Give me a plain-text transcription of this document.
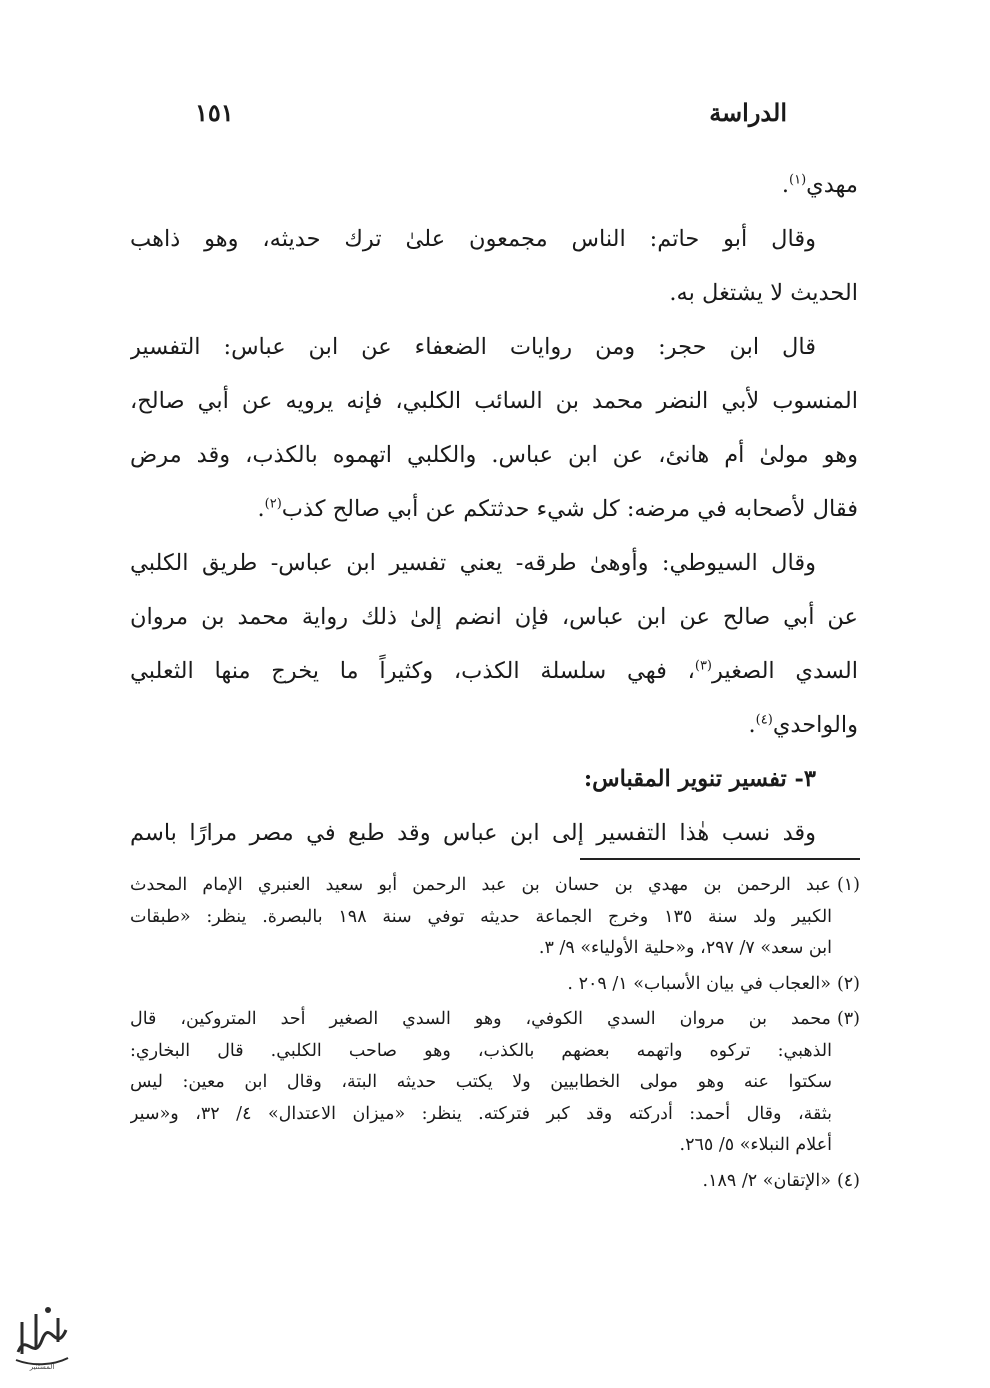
الدراسة
١٥١
مهدي$^{(١)}$.
وقال أبو حاتم: الناس مجمعون علىٰ ترك حديثه، وهو ذاهب
الحديث لا يشتغل به.
قال ابن حجر: ومن روايات الضعفاء عن ابن عباس: التفسير
المنسوب لأبي النضر محمد بن السائب الكلبي، فإنه يرويه عن أبي صالح،
وهو مولىٰ أم هانئ، عن ابن عباس. والكلبي اتهموه بالكذب، وقد مرض
فقال لأصحابه في مرضه: كل شيء حدثتكم عن أبي صالح كذب$^{(٢)}$.
وقال السيوطي: وأوهىٰ طرقه- يعني تفسير ابن عباس- طريق الكلبي
عن أبي صالح عن ابن عباس، فإن انضم إلىٰ ذلك رواية محمد بن مروان
السدي الصغير$^{(٣)}$، فهي سلسلة الكذب، وكثيراً ما يخرج منها الثعلبي
والواحدي$^{(٤)}$.
٣- تفسير تنوير المقباس:
وقد نسب هٰذا التفسير إلى ابن عباس وقد طبع في مصر مرارًا باسم
(١)عبد الرحمن بن مهدي بن حسان بن عبد الرحمن أبو سعيد العنبري الإمام المحدث
الكبير ولد سنة ١٣٥ وخرج الجماعة حديثه توفي سنة ١٩٨ بالبصرة. ينظر: «طبقات
ابن سعد» ٧/ ٢٩٧، و«حلية الأولياء» ٩/ ٣.
(٢)«العجاب في بيان الأسباب» ١/ ٢٠٩ .
(٣)محمد بن مروان السدي الكوفي، وهو السدي الصغير أحد المتروكين، قال
الذهبي: تركوه واتهمه بعضهم بالكذب، وهو صاحب الكلبي. قال البخاري:
سكتوا عنه وهو مولى الخطابيين ولا يكتب حديثه البتة، وقال ابن معين: ليس
بثقة، وقال أحمد: أدركته وقد كبر فتركته. ينظر: «ميزان الاعتدال» ٤/ ٣٢، و«سير
أعلام النبلاء» ٥/ ٢٦٥.
(٤)«الإتقان» ٢/ ١٨٩.
المستنير
